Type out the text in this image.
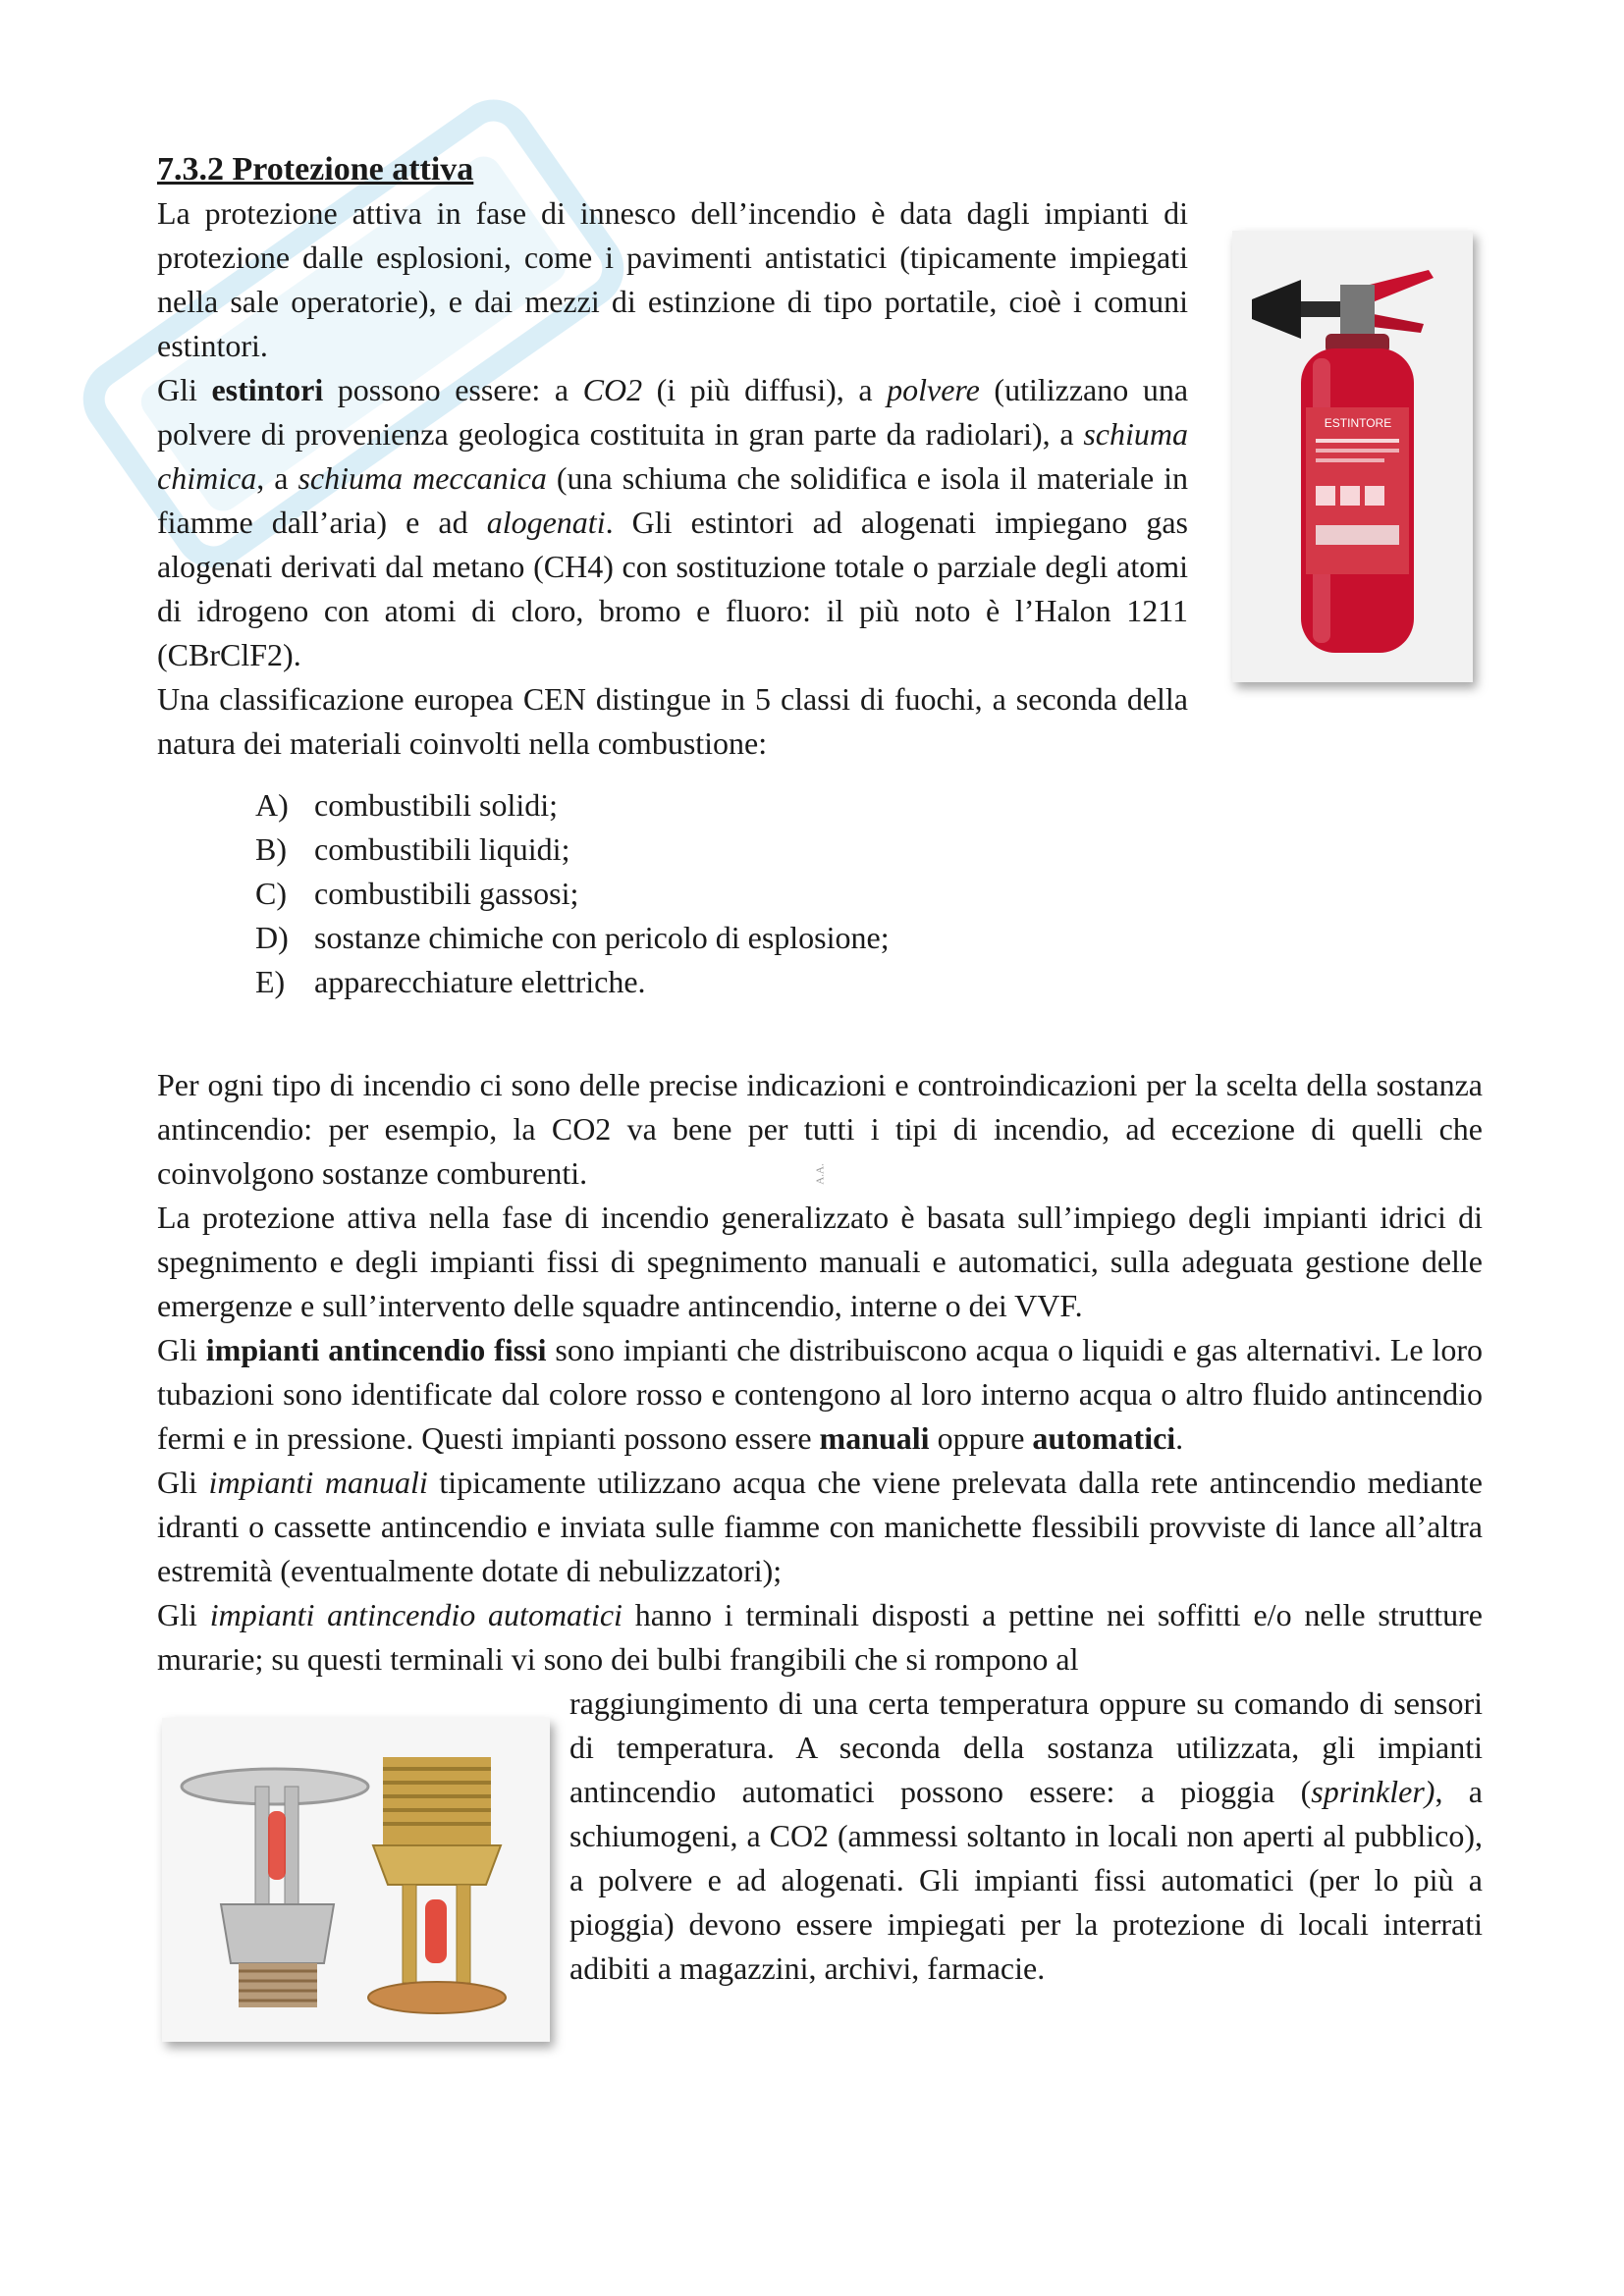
A.A.
ESTINTORE
7.3.2 Protezione attiva

La protezione attiva in fase di innesco dell’incendio è data dagli impianti di protezione dalle esplosioni, come i pavimenti antistatici (tipicamente impiegati nella sale operatorie), e dai mezzi di estinzione di tipo portatile, cioè i comuni estintori.

Gli estintori possono essere: a CO2 (i più diffusi), a polvere (utilizzano una polvere di provenienza geologica costituita in gran parte da radiolari), a schiuma chimica, a schiuma meccanica (una schiuma che solidifica e isola il materiale in fiamme dall’aria) e ad alogenati. Gli estintori ad alogenati impiegano gas alogenati derivati dal metano (CH4) con sostituzione totale o parziale degli atomi di idrogeno con atomi di cloro, bromo e fluoro: il più noto è l’Halon 1211 (CBrClF2).

Una classificazione europea CEN distingue in 5 classi di fuochi, a seconda della natura dei materiali coinvolti nella combustione:

A) combustibili solidi;
B) combustibili liquidi;
C) combustibili gassosi;
D) sostanze chimiche con pericolo di esplosione;
E) apparecchiature elettriche.

Per ogni tipo di incendio ci sono delle precise indicazioni e controindicazioni per la scelta della sostanza antincendio: per esempio, la CO2 va bene per tutti i tipi di incendio, ad eccezione di quelli che coinvolgono sostanze comburenti.

La protezione attiva nella fase di incendio generalizzato è basata sull’impiego degli impianti idrici di spegnimento e degli impianti fissi di spegnimento manuali e automatici, sulla adeguata gestione delle emergenze e sull’intervento delle squadre antincendio, interne o dei VVF.

Gli impianti antincendio fissi sono impianti che distribuiscono acqua o liquidi e gas alternativi. Le loro tubazioni sono identificate dal colore rosso e contengono al loro interno acqua o altro fluido antincendio fermi e in pressione. Questi impianti possono essere manuali oppure automatici.

Gli impianti manuali tipicamente utilizzano acqua che viene prelevata dalla rete antincendio mediante idranti o cassette antincendio e inviata sulle fiamme con manichette flessibili provviste di lance all’altra estremità (eventualmente dotate di nebulizzatori);

Gli impianti antincendio automatici hanno i terminali disposti a pettine nei soffitti e/o nelle strutture murarie; su questi terminali vi sono dei bulbi frangibili che si rompono al

raggiungimento di una certa temperatura oppure su comando di sensori di temperatura. A seconda della sostanza utilizzata, gli impianti antincendio automatici possono essere: a pioggia (sprinkler), a schiumogeni, a CO2 (ammessi soltanto in locali non aperti al pubblico), a polvere e ad alogenati. Gli impianti fissi automatici (per lo più a pioggia) devono essere impiegati per la protezione di locali interrati adibiti a magazzini, archivi, farmacie.
